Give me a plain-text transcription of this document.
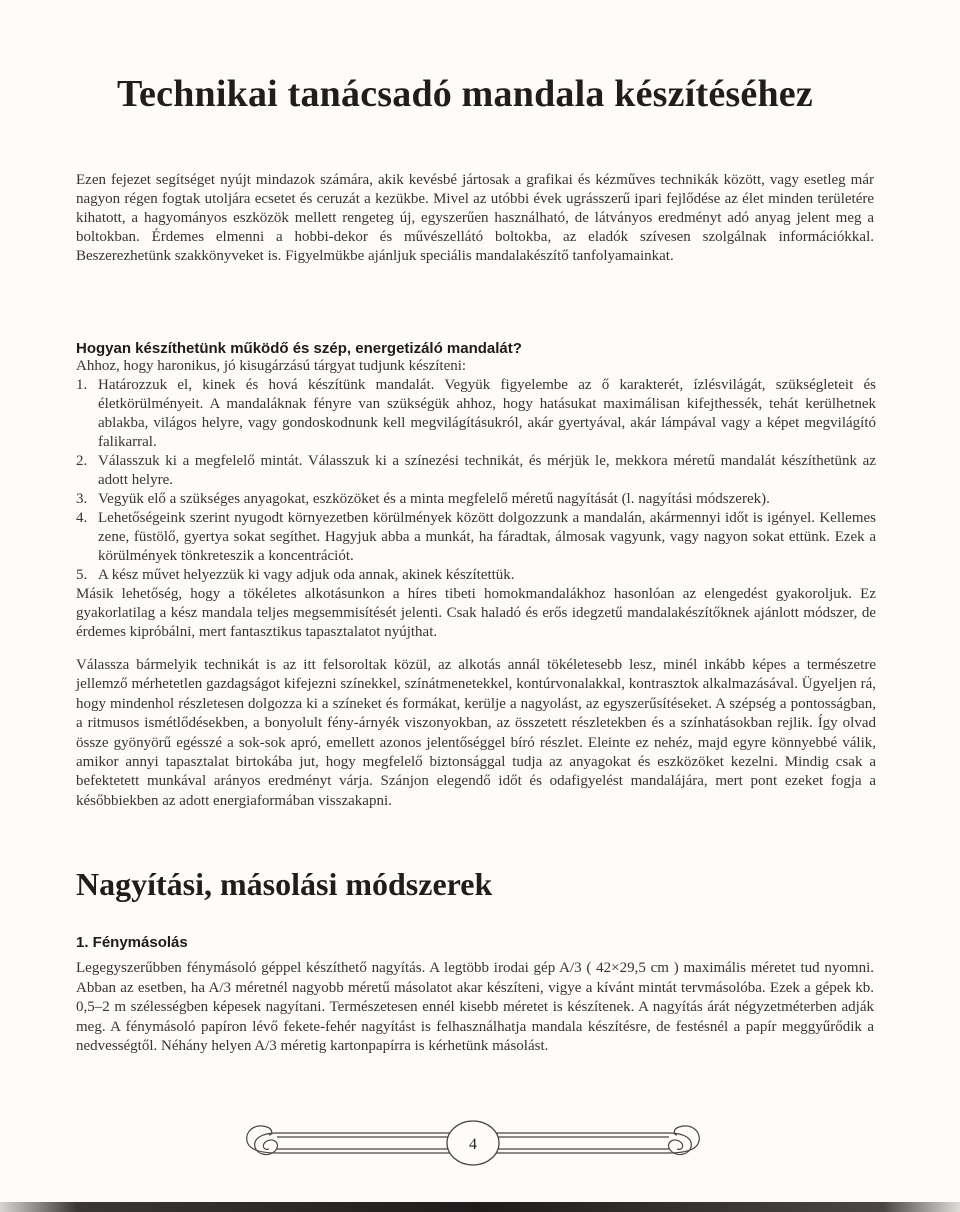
Technikai tanácsadó mandala készítéséhez

Ezen fejezet segítséget nyújt mindazok számára, akik kevésbé jártosak a grafikai és kézműves technikák között, vagy esetleg már nagyon régen fogtak utoljára ecsetet és ceruzát a kezükbe. Mivel az utóbbi évek ugrásszerű ipari fejlődése az élet minden területére kihatott, a hagyományos eszközök mellett rengeteg új, egyszerűen használható, de látványos eredményt adó anyag jelent meg a boltokban. Érdemes elmenni a hobbi-dekor és művészellátó boltokba, az eladók szívesen szolgálnak információkkal. Beszerezhetünk szakkönyveket is. Figyelmükbe ajánljuk speciális mandalakészítő tanfolyamainkat.

Hogyan készíthetünk működő és szép, energetizáló mandalát?

Ahhoz, hogy haronikus, jó kisugárzású tárgyat tudjunk készíteni:

1. Határozzuk el, kinek és hová készítünk mandalát. Vegyük figyelembe az ő karakterét, ízlésvilágát, szükségleteit és életkörülményeit. A mandaláknak fényre van szükségük ahhoz, hogy hatásukat maximálisan kifejthessék, tehát kerülhetnek ablakba, világos helyre, vagy gondoskodnunk kell megvilágításukról, akár gyertyával, akár lámpával vagy a képet megvilágító falikarral.
2. Válasszuk ki a megfelelő mintát. Válasszuk ki a színezési technikát, és mérjük le, mekkora méretű mandalát készíthetünk az adott helyre.
3. Vegyük elő a szükséges anyagokat, eszközöket és a minta megfelelő méretű nagyítását (l. nagyítási módszerek).
4. Lehetőségeink szerint nyugodt környezetben körülmények között dolgozzunk a mandalán, akármennyi időt is igényel. Kellemes zene, füstölő, gyertya sokat segíthet. Hagyjuk abba a munkát, ha fáradtak, álmosak vagyunk, vagy nagyon sokat ettünk. Ezek a körülmények tönkreteszik a koncentrációt.
5. A kész művet helyezzük ki vagy adjuk oda annak, akinek készítettük.

Másik lehetőség, hogy a tökéletes alkotásunkon a híres tibeti homokmandalákhoz hasonlóan az elengedést gyakoroljuk. Ez gyakorlatilag a kész mandala teljes megsemmisítését jelenti. Csak haladó és erős idegzetű mandalakészítőknek ajánlott módszer, de érdemes kipróbálni, mert fantasztikus tapasztalatot nyújthat.

Válassza bármelyik technikát is az itt felsoroltak közül, az alkotás annál tökéletesebb lesz, minél inkább képes a természetre jellemző mérhetetlen gazdagságot kifejezni színekkel, színátmenetekkel, kontúrvonalakkal, kontrasztok alkalmazásával. Ügyeljen rá, hogy mindenhol részletesen dolgozza ki a színeket és formákat, kerülje a nagyolást, az egyszerűsítéseket. A szépség a pontosságban, a ritmusos ismétlődésekben, a bonyolult fény-árnyék viszonyokban, az összetett részletekben és a színhatásokban rejlik. Így olvad össze gyönyörű egésszé a sok-sok apró, emellett azonos jelentőséggel bíró részlet. Eleinte ez nehéz, majd egyre könnyebbé válik, amikor annyi tapasztalat birtokába jut, hogy megfelelő biztonsággal tudja az anyagokat és eszközöket kezelni. Mindig csak a befektetett munkával arányos eredményt várja. Szánjon elegendő időt és odafigyelést mandalájára, mert pont ezeket fogja a későbbiekben az adott energiaformában visszakapni.

Nagyítási, másolási módszerek
1. Fénymásolás

Legegyszerűbben fénymásoló géppel készíthető nagyítás. A legtöbb irodai gép A/3 ( 42×29,5 cm ) maximális méretet tud nyomni. Abban az esetben, ha A/3 méretnél nagyobb méretű másolatot akar készíteni, vigye a kívánt mintát tervmásolóba. Ezek a gépek kb. 0,5–2 m szélességben képesek nagyítani. Természetesen ennél kisebb méretet is készítenek. A nagyítás árát négyzetméterben adják meg. A fénymásoló papíron lévő fekete-fehér nagyítást is felhasználhatja mandala készítésre, de festésnél a papír meggyűrődik a nedvességtől. Néhány helyen A/3 méretig kartonpapírra is kérhetünk másolást.

4
